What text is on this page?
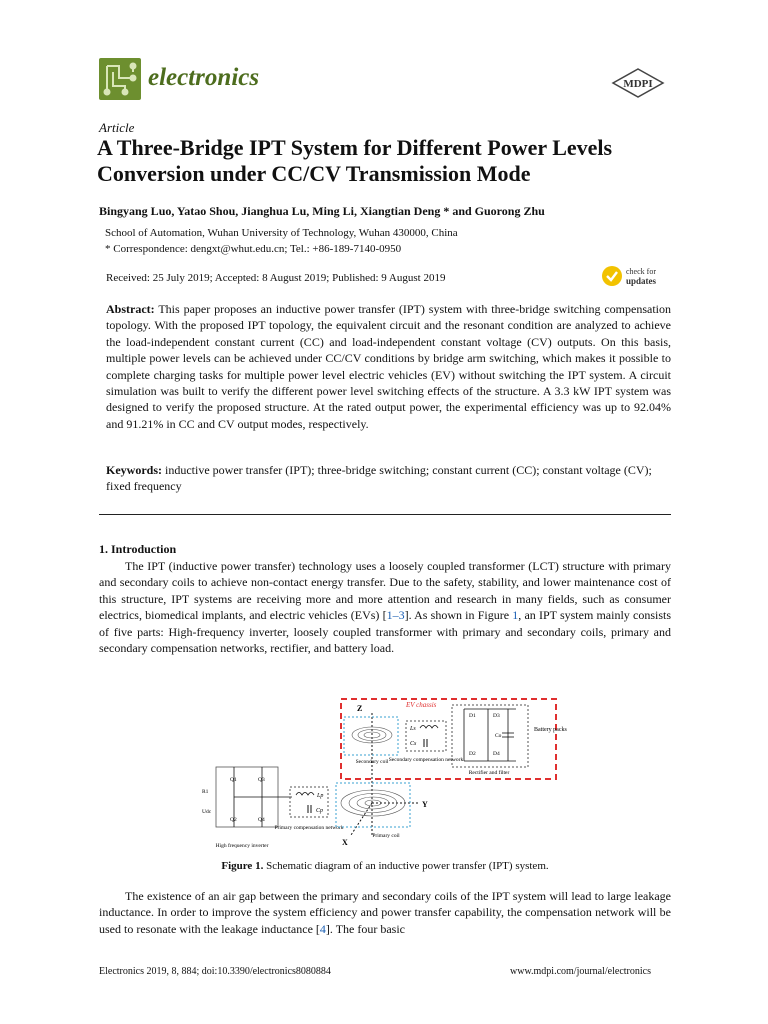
electronics	MDPI
Article
A Three-Bridge IPT System for Different Power Levels Conversion under CC/CV Transmission Mode
Bingyang Luo, Yatao Shou, Jianghua Lu, Ming Li, Xiangtian Deng * and Guorong Zhu
School of Automation, Wuhan University of Technology, Wuhan 430000, China
* Correspondence: dengxt@whut.edu.cn; Tel.: +86-189-7140-0950
Received: 25 July 2019; Accepted: 8 August 2019; Published: 9 August 2019
check for
updates
Abstract: This paper proposes an inductive power transfer (IPT) system with three-bridge switching compensation topology. With the proposed IPT topology, the equivalent circuit and the resonant condition are analyzed to achieve the load-independent constant current (CC) and load-independent constant voltage (CV) outputs. On this basis, multiple power levels can be achieved under CC/CV conditions by bridge arm switching, which makes it possible to complete charging tasks for multiple power level electric vehicles (EV) without switching the IPT system. A circuit simulation was built to verify the different power level switching effects of the structure. A 3.3 kW IPT system was designed to verify the proposed structure. At the rated output power, the experimental efficiency was up to 92.04% and 91.21% in CC and CV output modes, respectively.
Keywords: inductive power transfer (IPT); three-bridge switching; constant current (CC); constant voltage (CV); fixed frequency
1. Introduction
The IPT (inductive power transfer) technology uses a loosely coupled transformer (LCT) structure with primary and secondary coils to achieve non-contact energy transfer. Due to the safety, stability, and lower maintenance cost of this structure, IPT systems are receiving more and more attention and research in many fields, such as consumer electrics, biomedical implants, and electric vehicles (EVs) [1–3]. As shown in Figure 1, an IPT system mainly consists of five parts: High-frequency inverter, loosely coupled transformer with primary and secondary coils, primary and secondary compensation networks, rectifier, and battery load.
EV chassis
Z
Y
X
Secondary coil
Ls
Cs
Secondary compensation network
D1	D3
D2	D4
Co
Rectifier and filter
Battery packs
Q1	Q3
Q2	Q4
R1
Udc
High frequency inverter
Lp
Cp
Primary compensation network
Primary coil
Figure 1. Schematic diagram of an inductive power transfer (IPT) system.
The existence of an air gap between the primary and secondary coils of the IPT system will lead to large leakage inductance. In order to improve the system efficiency and power transfer capability, the compensation network will be used to resonate with the leakage inductance [4]. The four basic
Electronics 2019, 8, 884; doi:10.3390/electronics8080884	www.mdpi.com/journal/electronics
